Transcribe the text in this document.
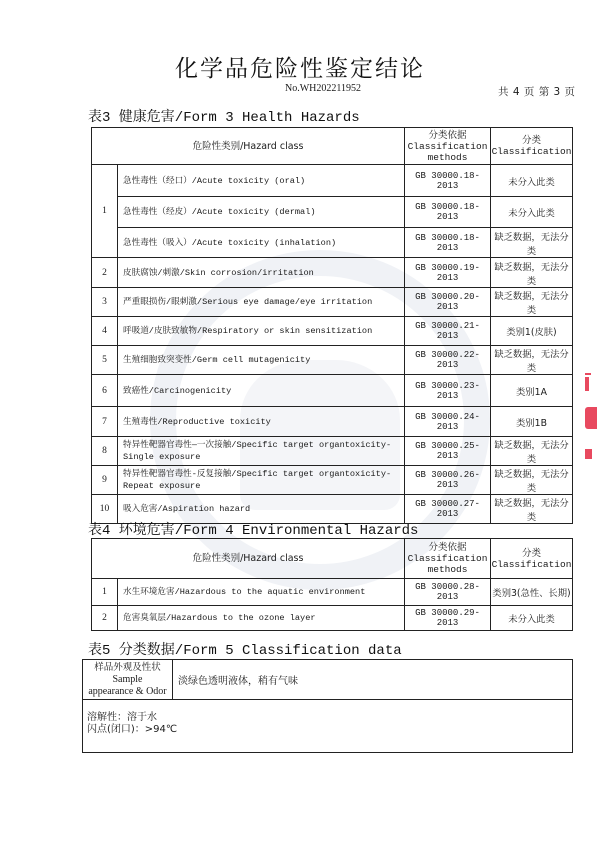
化学品危险性鉴定结论
No.WH202211952	共 4 页 第 3 页
表3 健康危害/Form 3 Health Hazards
危险性类别/Hazard class	
分类依据
Classification
methods

分类
Classification

1	急性毒性（经口）/Acute toxicity (oral)	GB 30000.18-2013	未分入此类
	急性毒性（经皮）/Acute toxicity (dermal)	GB 30000.18-2013	未分入此类
	急性毒性（吸入）/Acute toxicity (inhalation)	GB 30000.18-2013	缺乏数据，无法分类
2	皮肤腐蚀/刺激/Skin corrosion/irritation	GB 30000.19-2013	缺乏数据，无法分类
3	严重眼损伤/眼刺激/Serious eye damage/eye irritation	GB 30000.20-2013	缺乏数据，无法分类
4	呼吸道/皮肤致敏物/Respiratory or skin sensitization	GB 30000.21-2013	类别1(皮肤)
5	生殖细胞致突变性/Germ cell mutagenicity	GB 30000.22-2013	缺乏数据，无法分类
6	致癌性/Carcinogenicity	GB 30000.23-2013	类别1A
7	生殖毒性/Reproductive toxicity	GB 30000.24-2013	类别1B
8	特异性靶器官毒性—一次接触/Specific target organtoxicity-
Single exposure	GB 30000.25-2013	缺乏数据，无法分类
9	特异性靶器官毒性-反复接触/Specific target organtoxicity-
Repeat exposure	GB 30000.26-2013	缺乏数据，无法分类
10	吸入危害/Aspiration hazard	GB 30000.27-2013	缺乏数据，无法分类
表4 环境危害/Form 4 Environmental Hazards
危险性类别/Hazard class	
分类依据
Classification
methods

分类
Classification

1	水生环境危害/Hazardous to the aquatic environment	GB 30000.28-2013	类别3(急性、长期)
2	危害臭氧层/Hazardous to the ozone layer	GB 30000.29-2013	未分入此类
表5 分类数据/Form 5 Classification data
样品外观及性状
Sample
appearance & Odor
	淡绿色透明液体，稍有气味

溶解性：溶于水
闪点(闭口)：>94℃
